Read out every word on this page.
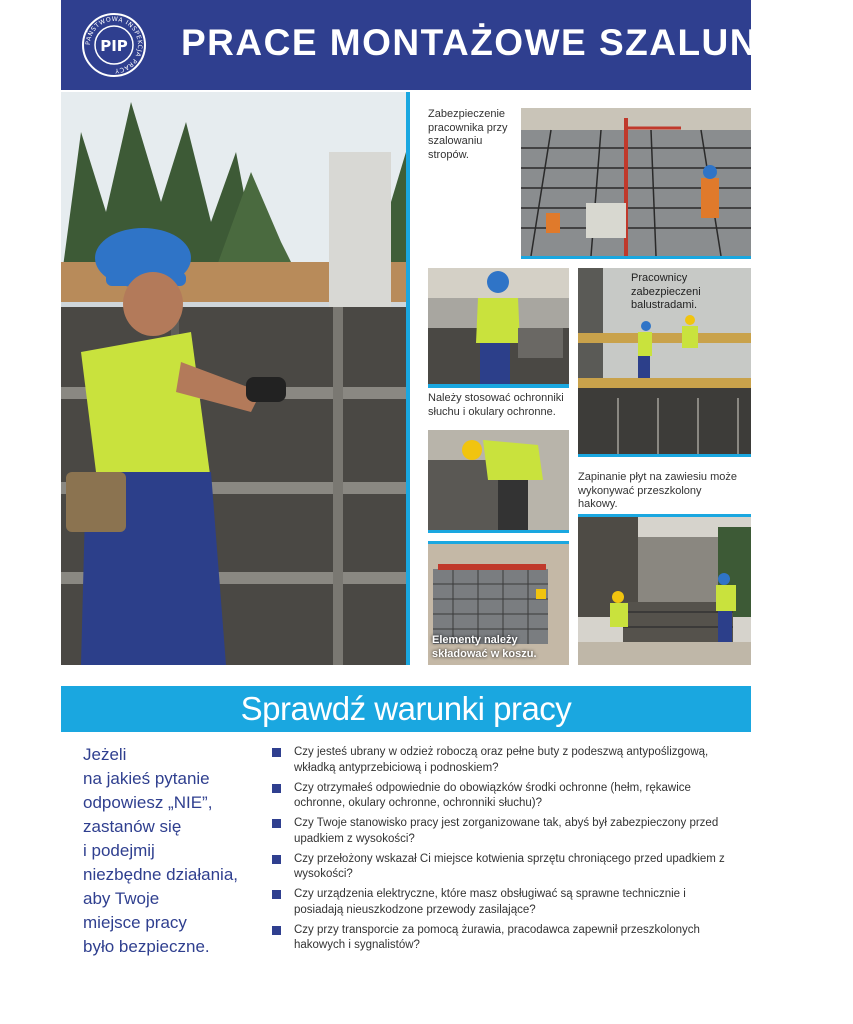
PAŃSTWOWA INSPEKCJA PRACY
PIP PRACE MONTAŻOWE SZALUNKÓW
Zabezpieczenie pracownika przy szalowaniu stropów.
Należy stosować ochronniki słuchu i okulary ochronne.
Pracownicy zabezpieczeni balustradami.
Zapinanie płyt na zawiesiu może wykonywać przeszkolony hakowy.
Elementy należy składować w koszu.
Sprawdź warunki pracy
Jeżeli
na jakieś pytanie
odpowiesz „NIE”,
zastanów się
i podejmij
niezbędne działania,
aby Twoje
miejsce pracy
było bezpieczne.
Czy jesteś ubrany w odzież roboczą oraz pełne buty z podeszwą antypoślizgową, wkładką antyprzebiciową i podnoskiem?
Czy otrzymałeś odpowiednie do obowiązków środki ochronne (hełm, rękawice ochronne, okulary ochronne, ochronniki słuchu)?
Czy Twoje stanowisko pracy jest zorganizowane tak, abyś był zabezpieczony przed upadkiem z wysokości?
Czy przełożony wskazał Ci miejsce kotwienia sprzętu chroniącego przed upadkiem z wysokości?
Czy urządzenia elektryczne, które masz obsługiwać są sprawne technicznie i posiadają nieuszkodzone przewody zasilające?
Czy przy transporcie za pomocą żurawia, pracodawca zapewnił przeszkolonych hakowych i sygnalistów?
